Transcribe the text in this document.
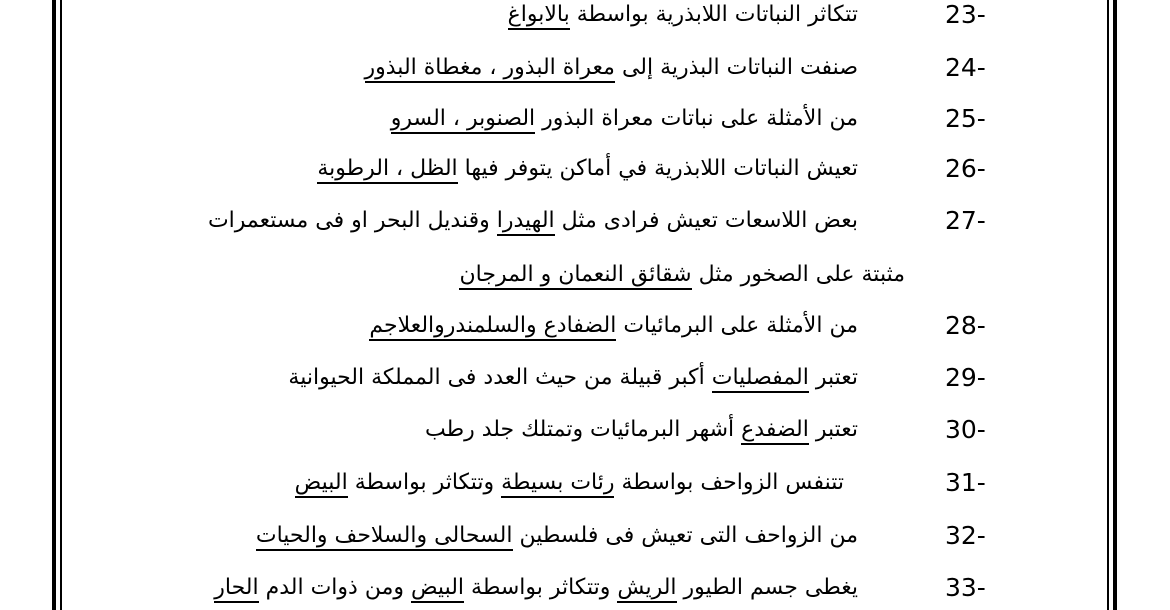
23-
تتكاثر النباتات اللابذرية بواسطة بالابواغ
24-
صنفت النباتات البذرية إلى معراة البذور ، مغطاة البذور
25-
من الأمثلة على نباتات معراة البذور الصنوبر ، السرو
26-
تعيش النباتات اللابذرية في أماكن يتوفر فيها الظل ، الرطوبة
27-
بعض اللاسعات تعيش فرادى مثل الهيدرا وقنديل البحر او فى مستعمرات
مثبتة على الصخور مثل شقائق النعمان و المرجان
28-
من الأمثلة على البرمائيات الضفادع والسلمندروالعلاجم
29-
تعتبر المفصليات أكبر قبيلة من حيث العدد فى المملكة الحيوانية
30-
تعتبر الضفدع أشهر البرمائيات وتمتلك جلد رطب
31-
تتنفس الزواحف بواسطة رئات بسيطة وتتكاثر بواسطة البيض
32-
من الزواحف التى تعيش فى فلسطين السحالى والسلاحف والحيات
33-
يغطى جسم الطيور الريش وتتكاثر بواسطة البيض ومن ذوات الدم الحار
